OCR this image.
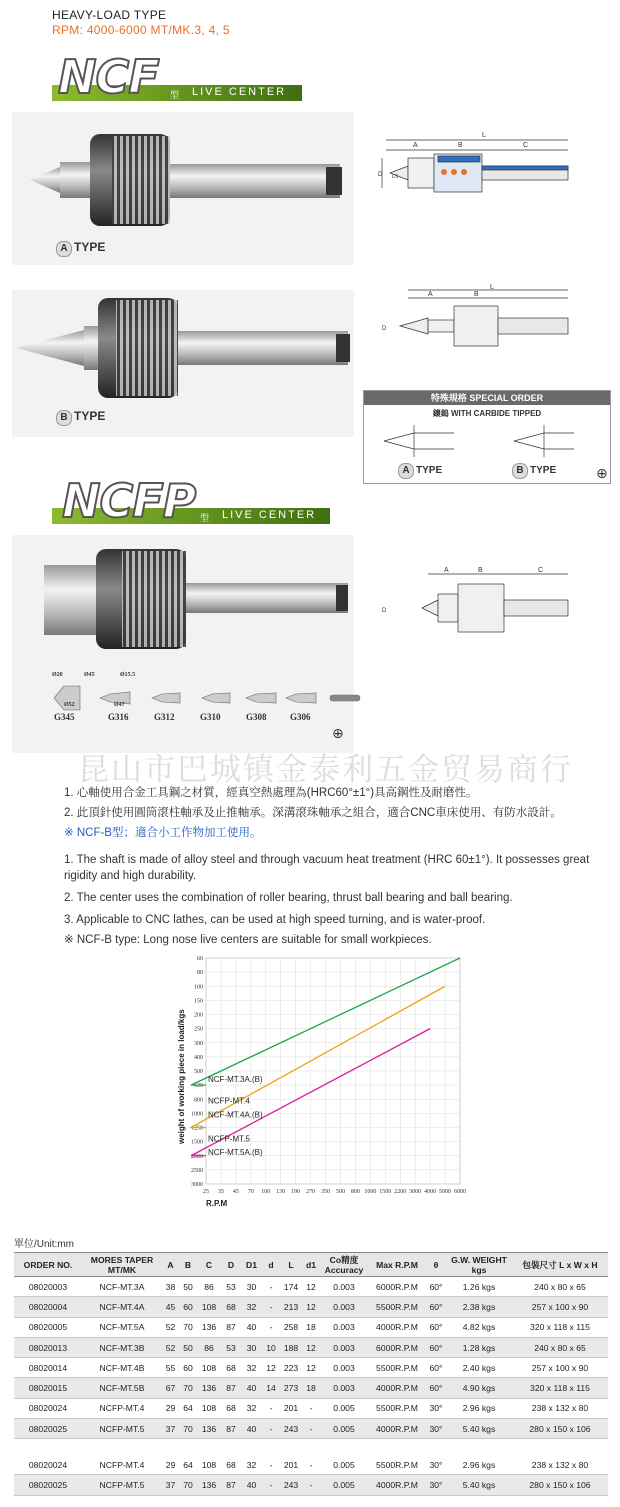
HEAVY-LOAD TYPE
RPM: 4000-6000 MT/MK.3, 4, 5
NCF 型 LIVE CENTER
A TYPE
A	B	C
L
D D1
B TYPE
A	B
L
D
特殊規格 SPECIAL ORDER
鑲鎢 WITH CARBIDE TIPPED
A TYPE	B TYPE	⊕
NCFP 型 LIVE CENTER
A	B	C
D
G345	G316	G312	G310	G308	G306
Ø20	Ø45	Ø15.5
Ø52	Ø47
⊕
昆山市巴城镇金泰利五金贸易商行
1. 心軸使用合金工具鋼之材質，經真空熱處理為(HRC60°±1°)具高鋼性及耐磨性。
2. 此頂針使用圓筒滾柱軸承及止推軸承。深溝滾珠軸承之組合，適合CNC車床使用、有防水設計。
※ NCF-B型；適合小工作物加工使用。
1. The shaft is made of alloy steel and through vacuum heat treatment (HRC 60±1°). It possesses great rigidity and high durability.
2. The center uses the combination of roller bearing, thrust ball bearing and ball bearing.
3. Applicable to CNC lathes, can be used at high speed turning, and is water-proof.
※ NCF-B type: Long nose live centers are suitable for small workpieces.
25 35 45 70 100 130 190 270 350 500 800 1000 1500 2200 3000 4000 5000 6000
60
80
100
150
200
250
300
400
500
630
800
1000
1250
1500
2000
2500
3000
R.P.M
weight of working piece in load/kgs	NCF-MT.3A.(B)
NCFP-MT.4
NCF-MT.4A.(B)
NCFP-MT.5
NCF-MT.5A.(B)
單位/Unit:mm
ORDER NO.	MORES TAPER MT/MK	A	B	C	D	D1	d	L	d1	Co精度 Accuracy	Max R.P.M	θ	G.W. WEIGHT kgs	包裝尺寸 L x W x H
08020003	NCF-MT.3A	38	50	86	53	30	-	174	12	0.003	6000R.P.M	60°	1.26 kgs	240 x 80 x 65
08020004	NCF-MT.4A	45	60	108	68	32	-	213	12	0.003	5500R.P.M	60°	2.38 kgs	257 x 100 x 90
08020005	NCF-MT.5A	52	70	136	87	40	-	258	18	0.003	4000R.P.M	60°	4.82 kgs	320 x 118 x 115
08020013	NCF-MT.3B	52	50	86	53	30	10	188	12	0.003	6000R.P.M	60°	1.28 kgs	240 x 80 x 65
08020014	NCF-MT.4B	55	60	108	68	32	12	223	12	0.003	5500R.P.M	60°	2.40 kgs	257 x 100 x 90
08020015	NCF-MT.5B	67	70	136	87	40	14	273	18	0.003	4000R.P.M	60°	4.90 kgs	320 x 118 x 115
08020024	NCFP-MT.4	29	64	108	68	32	-	201	-	0.005	5500R.P.M	30°	2.96 kgs	238 x 132 x 80
08020025	NCFP-MT.5	37	70	136	87	40	-	243	-	0.005	4000R.P.M	30°	5.40 kgs	280 x 150 x 106
08020024	NCFP-MT.4	29	64	108	68	32	-	201	-	0.005	5500R.P.M	30°	2.96 kgs	238 x 132 x 80
08020025	NCFP-MT.5	37	70	136	87	40	-	243	-	0.005	4000R.P.M	30°	5.40 kgs	280 x 150 x 106
